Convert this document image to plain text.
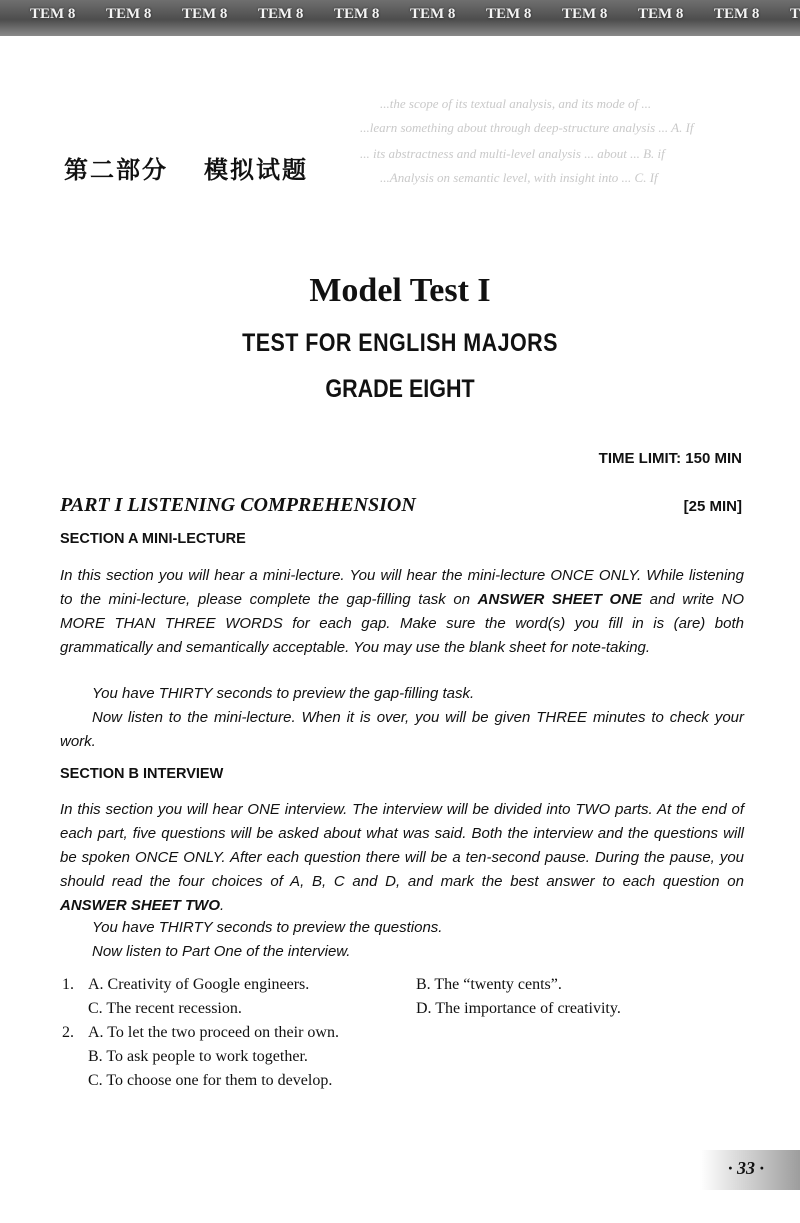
TEM 8 TEM 8 TEM 8 TEM 8 TEM 8 TEM 8 TEM 8 TEM 8 TEM 8 TEM 8 T
...the scope of its textual analysis, and its mode of ...
...learn something about through deep-structure analysis ... A. If
... its abstractness and multi-level analysis ... about ... B. if
...Analysis on semantic level, with insight into ... C. If
第二部分 模拟试题
Model Test I
TEST FOR ENGLISH MAJORS
GRADE EIGHT
TIME LIMIT: 150 MIN
PART I LISTENING COMPREHENSION	[25 MIN]
SECTION A MINI-LECTURE
In this section you will hear a mini-lecture. You will hear the mini-lecture ONCE ONLY. While listening to the mini-lecture, please complete the gap-filling task on ANSWER SHEET ONE and write NO MORE THAN THREE WORDS for each gap. Make sure the word(s) you fill in is (are) both grammatically and semantically acceptable. You may use the blank sheet for note-taking.
You have THIRTY seconds to preview the gap-filling task.
Now listen to the mini-lecture. When it is over, you will be given THREE minutes to check your work.
SECTION B INTERVIEW
In this section you will hear ONE interview. The interview will be divided into TWO parts. At the end of each part, five questions will be asked about what was said. Both the interview and the questions will be spoken ONCE ONLY. After each question there will be a ten-second pause. During the pause, you should read the four choices of A, B, C and D, and mark the best answer to each question on ANSWER SHEET TWO.
You have THIRTY seconds to preview the questions.
Now listen to Part One of the interview.
1. A. Creativity of Google engineers.	B. The “twenty cents”.
C. The recent recession.	D. The importance of creativity.
2. A. To let the two proceed on their own.
B. To ask people to work together.
C. To choose one for them to develop.
· 33 ·
